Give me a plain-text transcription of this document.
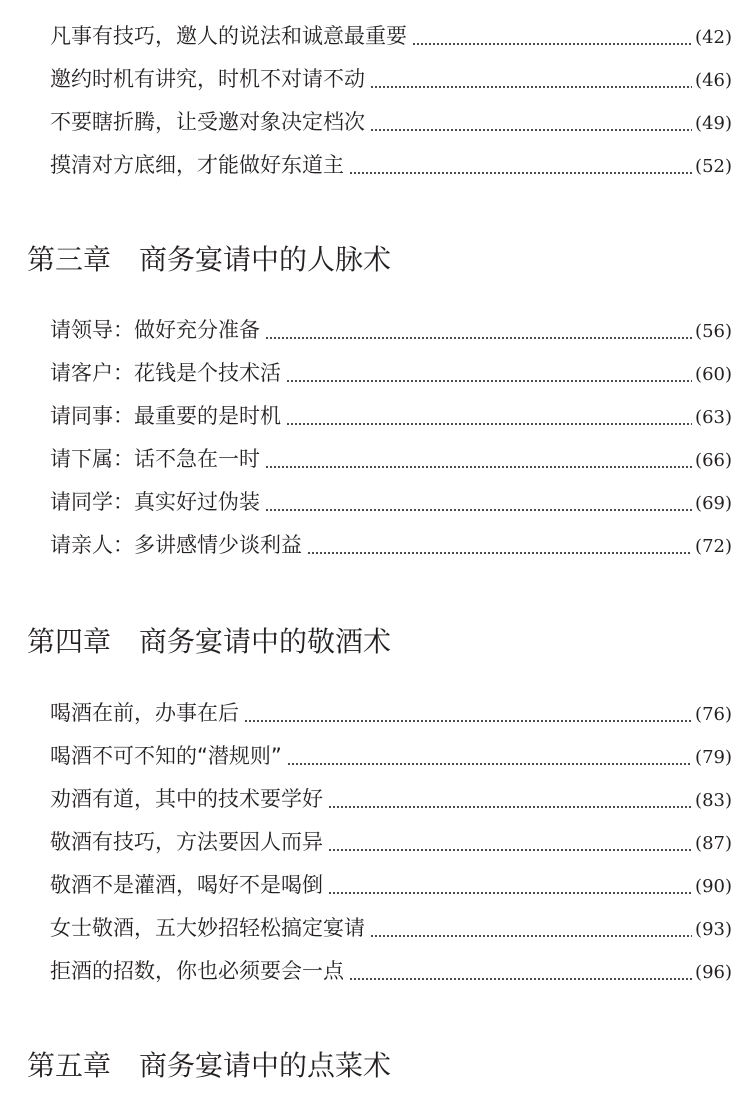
凡事有技巧，邀人的说法和诚意最重要	(42)
邀约时机有讲究，时机不对请不动	(46)
不要瞎折腾，让受邀对象决定档次	(49)
摸清对方底细，才能做好东道主	(52)
第三章　商务宴请中的人脉术
请领导：做好充分准备	(56)
请客户：花钱是个技术活	(60)
请同事：最重要的是时机	(63)
请下属：话不急在一时	(66)
请同学：真实好过伪装	(69)
请亲人：多讲感情少谈利益	(72)
第四章　商务宴请中的敬酒术
喝酒在前，办事在后	(76)
喝酒不可不知的“潜规则”	(79)
劝酒有道，其中的技术要学好	(83)
敬酒有技巧，方法要因人而异	(87)
敬酒不是灌酒，喝好不是喝倒	(90)
女士敬酒，五大妙招轻松搞定宴请	(93)
拒酒的招数，你也必须要会一点	(96)
第五章　商务宴请中的点菜术
